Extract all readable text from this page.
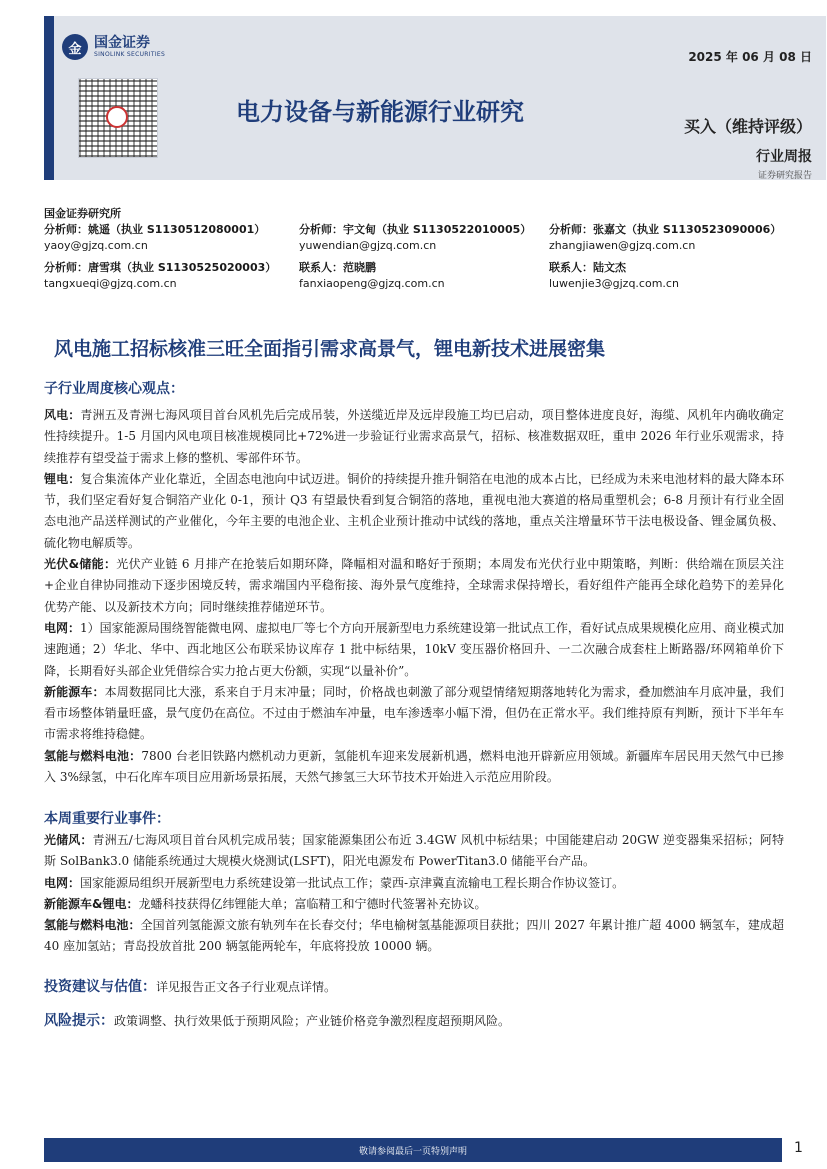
金 国金证券
SINOLINK SECURITIES	2025 年 06 月 08 日
电力设备与新能源行业研究
买入（维持评级）
行业周报
证券研究报告
国金证券研究所
分析师：姚遥（执业 S1130512080001）
yaoy@gjzq.com.cn
分析师：宇文甸（执业 S1130522010005）
yuwendian@gjzq.com.cn
分析师：张嘉文（执业 S1130523090006）
zhangjiawen@gjzq.com.cn
分析师：唐雪琪（执业 S1130525020003）
tangxueqi@gjzq.com.cn
联系人：范晓鹏
fanxiaopeng@gjzq.com.cn
联系人：陆文杰
luwenjie3@gjzq.com.cn
风电施工招标核准三旺全面指引需求高景气，锂电新技术进展密集
子行业周度核心观点：

风电：青洲五及青洲七海风项目首台风机先后完成吊装，外送缆近岸及远岸段施工均已启动，项目整体进度良好，海缆、风机年内确收确定性持续提升。1-5 月国内风电项目核准规模同比+72%进一步验证行业需求高景气，招标、核准数据双旺，重申 2026 年行业乐观需求，持续推荐有望受益于需求上修的整机、零部件环节。

锂电：复合集流体产业化靠近，全固态电池向中试迈进。铜价的持续提升推升铜箔在电池的成本占比，已经成为未来电池材料的最大降本环节，我们坚定看好复合铜箔产业化 0-1，预计 Q3 有望最快看到复合铜箔的落地，重视电池大赛道的格局重塑机会；6-8 月预计有行业全固态电池产品送样测试的产业催化，今年主要的电池企业、主机企业预计推动中试线的落地，重点关注增量环节干法电极设备、锂金属负极、硫化物电解质等。

光伏&储能：光伏产业链 6 月排产在抢装后如期环降，降幅相对温和略好于预期；本周发布光伏行业中期策略，判断：供给端在顶层关注+企业自律协同推动下逐步困境反转，需求端国内平稳衔接、海外景气度维持，全球需求保持增长，看好组件产能再全球化趋势下的差异化优势产能、以及新技术方向；同时继续推荐储逆环节。

电网：1）国家能源局围绕智能微电网、虚拟电厂等七个方向开展新型电力系统建设第一批试点工作，看好试点成果规模化应用、商业模式加速跑通；2）华北、华中、西北地区公布联采协议库存 1 批中标结果，10kV 变压器价格回升、一二次融合成套柱上断路器/环网箱单价下降，长期看好头部企业凭借综合实力抢占更大份额，实现“以量补价”。

新能源车：本周数据同比大涨，系来自于月末冲量；同时，价格战也刺激了部分观望情绪短期落地转化为需求，叠加燃油车月底冲量，我们看市场整体销量旺盛，景气度仍在高位。不过由于燃油车冲量，电车渗透率小幅下滑，但仍在正常水平。我们维持原有判断，预计下半年车市需求将维持稳健。

氢能与燃料电池：7800 台老旧铁路内燃机动力更新，氢能机车迎来发展新机遇，燃料电池开辟新应用领域。新疆库车居民用天然气中已掺入 3%绿氢，中石化库车项目应用新场景拓展，天然气掺氢三大环节技术开始进入示范应用阶段。

本周重要行业事件：

光储风：青洲五/七海风项目首台风机完成吊装；国家能源集团公布近 3.4GW 风机中标结果；中国能建启动 20GW 逆变器集采招标；阿特斯 SolBank3.0 储能系统通过大规模火烧测试(LSFT)，阳光电源发布 PowerTitan3.0 储能平台产品。

电网：国家能源局组织开展新型电力系统建设第一批试点工作；蒙西-京津冀直流输电工程长期合作协议签订。

新能源车&锂电：龙蟠科技获得亿纬锂能大单；富临精工和宁德时代签署补充协议。

氢能与燃料电池：全国首列氢能源文旅有轨列车在长春交付；华电榆树氢基能源项目获批；四川 2027 年累计推广超 4000 辆氢车，建成超 40 座加氢站；青岛投放首批 200 辆氢能两轮车，年底将投放 10000 辆。

投资建议与估值：详见报告正文各子行业观点详情。
风险提示：政策调整、执行效果低于预期风险；产业链价格竞争激烈程度超预期风险。
敬请参阅最后一页特别声明	1
